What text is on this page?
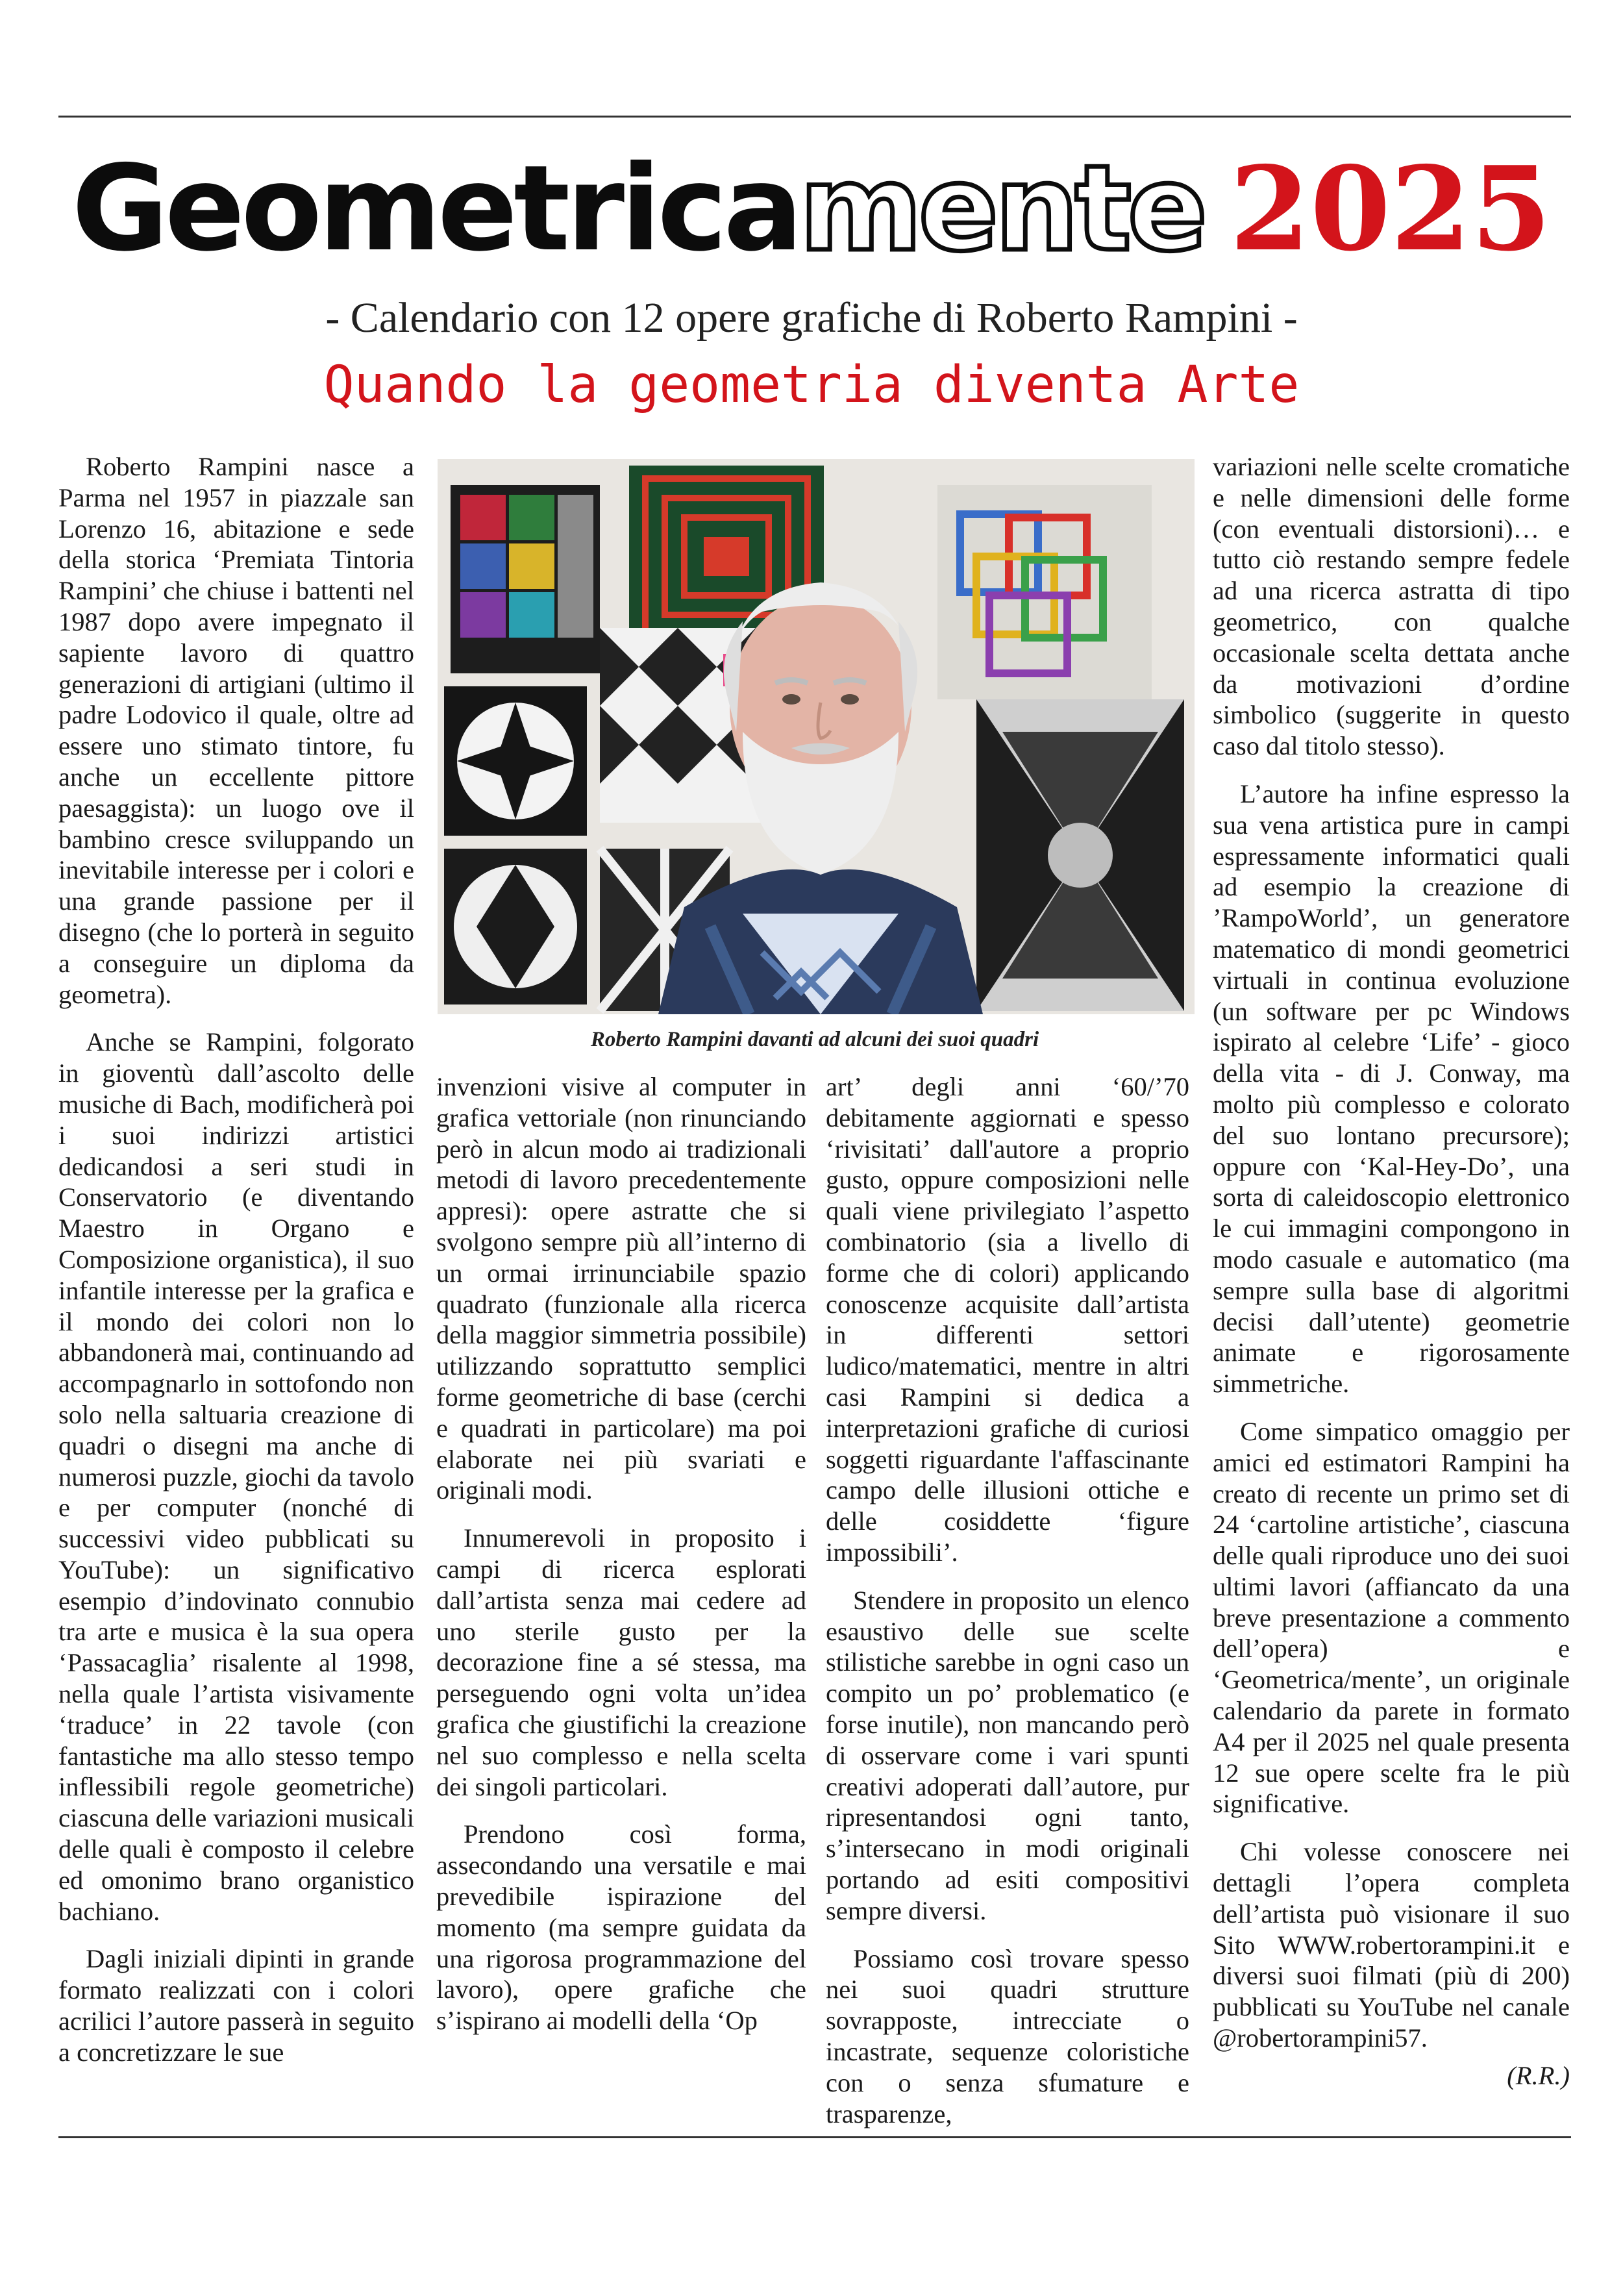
Geometricamente 2025
- Calendario con 12 opere grafiche di Roberto Rampini -
Quando la geometria diventa Arte

Roberto Rampini nasce a Parma nel 1957 in piazzale san Lorenzo 16, abitazione e sede della storica ‘Premiata Tintoria Rampini’ che chiuse i battenti nel 1987 dopo avere impegnato il sapiente lavoro di quattro generazioni di artigiani (ultimo il padre Lodovico il quale, oltre ad essere uno stimato tintore, fu anche un eccellente pittore paesaggista): un luogo ove il bambino cresce sviluppando un inevitabile interesse per i colori e una grande passione per il disegno (che lo porterà in seguito a conseguire un diploma da geometra).

Anche se Rampini, folgorato in gioventù dall’ascolto delle musiche di Bach, modificherà poi i suoi indirizzi artistici dedicandosi a seri studi in Conservatorio (e diventando Maestro in Organo e Composizione organistica), il suo infantile interesse per la grafica e il mondo dei colori non lo abbandonerà mai, continuando ad accompagnarlo in sottofondo non solo nella saltuaria creazione di quadri o disegni ma anche di numerosi puzzle, giochi da tavolo e per computer (nonché di successivi video pubblicati su YouTube): un significativo esempio d’indovinato connubio tra arte e musica è la sua opera ‘Passacaglia’ risalente al 1998, nella quale l’artista visivamente ‘traduce’ in 22 tavole (con fantastiche ma allo stesso tempo inflessibili regole geometriche) ciascuna delle variazioni musicali delle quali è composto il celebre ed omonimo brano organistico bachiano.

Dagli iniziali dipinti in grande formato realizzati con i colori acrilici l’autore passerà in seguito a concretizzare le sue

Roberto Rampini davanti ad alcuni dei suoi quadri

invenzioni visive al computer in grafica vettoriale (non rinunciando però in alcun modo ai tradizionali metodi di lavoro precedentemente appresi): opere astratte che si svolgono sempre più all’interno di un ormai irrinunciabile spazio quadrato (funzionale alla ricerca della maggior simmetria possibile) utilizzando soprattutto semplici forme geometriche di base (cerchi e quadrati in particolare) ma poi elaborate nei più svariati e originali modi.

Innumerevoli in proposito i campi di ricerca esplorati dall’artista senza mai cedere ad uno sterile gusto per la decorazione fine a sé stessa, ma perseguendo ogni volta un’idea grafica che giustifichi la creazione nel suo complesso e nella scelta dei singoli particolari.

Prendono così forma, assecondando una versatile e mai prevedibile ispirazione del momento (ma sempre guidata da una rigorosa programmazione del lavoro), opere grafiche che s’ispirano ai modelli della ‘Op

art’ degli anni ‘60/’70 debitamente aggiornati e spesso ‘rivisitati’ dall'autore a proprio gusto, oppure composizioni nelle quali viene privilegiato l’aspetto combinatorio (sia a livello di forme che di colori) applicando conoscenze acquisite dall’artista in differenti settori ludico/matematici, mentre in altri casi Rampini si dedica a interpretazioni grafiche di curiosi soggetti riguardante l'affascinante campo delle illusioni ottiche e delle cosiddette ‘figure impossibili’.

Stendere in proposito un elenco esaustivo delle sue scelte stilistiche sarebbe in ogni caso un compito un po’ problematico (e forse inutile), non mancando però di osservare come i vari spunti creativi adoperati dall’autore, pur ripresentandosi ogni tanto, s’intersecano in modi originali portando ad esiti compositivi sempre diversi.

Possiamo così trovare spesso nei suoi quadri strutture sovrapposte, intrecciate o incastrate, sequenze coloristiche con o senza sfumature e trasparenze,

variazioni nelle scelte cromatiche e nelle dimensioni delle forme (con eventuali distorsioni)… e tutto ciò restando sempre fedele ad una ricerca astratta di tipo geometrico, con qualche occasionale scelta dettata anche da motivazioni d’ordine simbolico (suggerite in questo caso dal titolo stesso).

L’autore ha infine espresso la sua vena artistica pure in campi espressamente informatici quali ad esempio la creazione di ’RampoWorld’, un generatore matematico di mondi geometrici virtuali in continua evoluzione (un software per pc Windows ispirato al celebre ‘Life’ - gioco della vita - di J. Conway, ma molto più complesso e colorato del suo lontano precursore); oppure con ‘Kal-Hey-Do’, una sorta di caleidoscopio elettronico le cui immagini compongono in modo casuale e automatico (ma sempre sulla base di algoritmi decisi dall’utente) geometrie animate e rigorosamente simmetriche.

Come simpatico omaggio per amici ed estimatori Rampini ha creato di recente un primo set di 24 ‘cartoline artistiche’, ciascuna delle quali riproduce uno dei suoi ultimi lavori (affiancato da una breve presentazione a commento dell’opera) e ‘Geometrica/mente’, un originale calendario da parete in formato A4 per il 2025 nel quale presenta 12 sue opere scelte fra le più significative.

Chi volesse conoscere nei dettagli l’opera completa dell’artista può visionare il suo Sito WWW.robertorampini.it e diversi suoi filmati (più di 200) pubblicati su YouTube nel canale @robertorampini57.

(R.R.)
